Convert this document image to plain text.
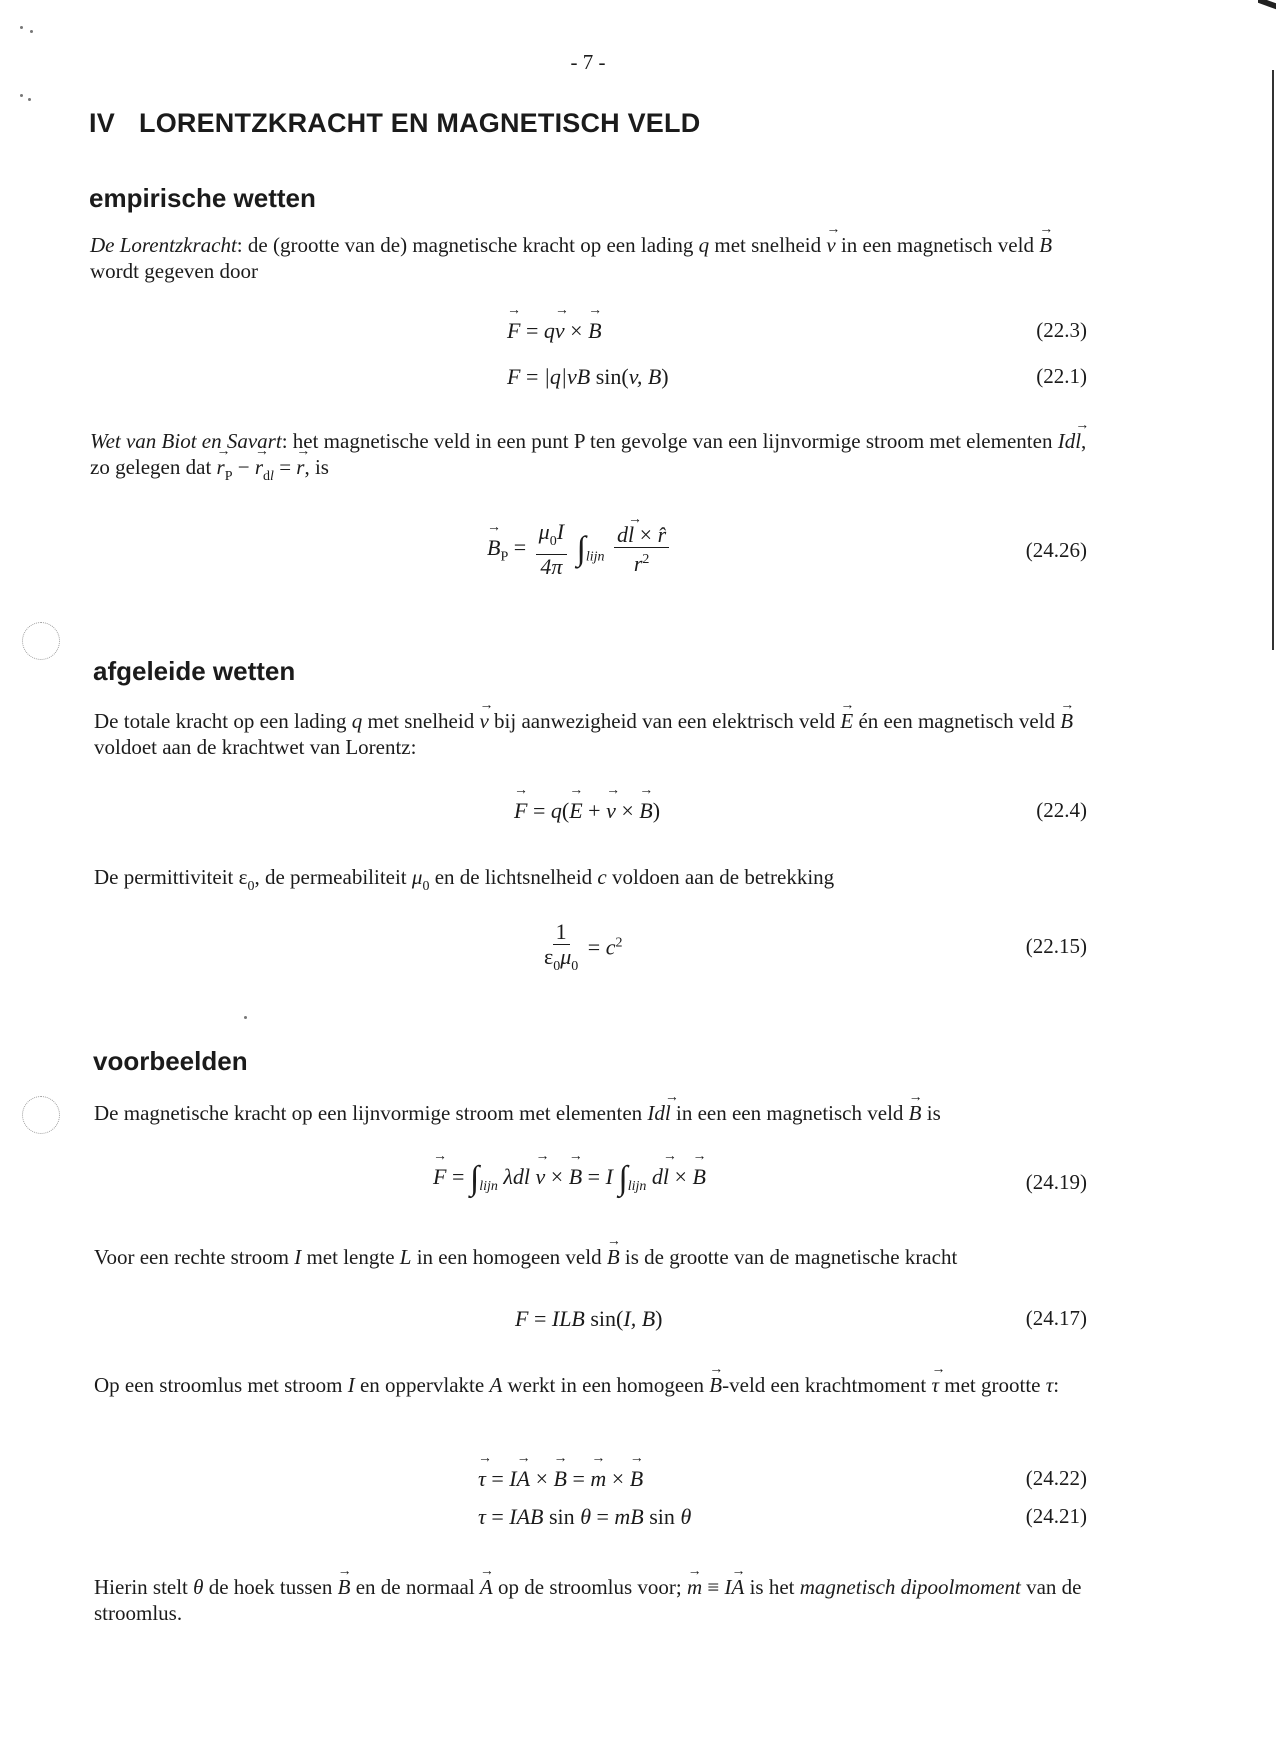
- 7 -
IV LORENTZKRACHT EN MAGNETISCH VELD
empirische wetten

De Lorentzkracht: de (grootte van de) magnetische kracht op een lading q met snelheid → v in een magnetisch veld → B wordt gegeven door

→ F = q→ v × → B	(22.3)
F = |q|vB sin(v, B)	(22.1)

Wet van Biot en Savart: het magnetische veld in een punt P ten gevolge van een lijnvormige stroom met elementen Id→ l, zo gelegen dat → $r_P$ − → $r_{dl}$ = → r, is

→ $B_P = \frac{\mu_0I}{4\pi} \int_{lijn} \frac{d\to l \times r̂}{r^2}$	(24.26)
afgeleide wetten

De totale kracht op een lading q met snelheid → v bij aanwezigheid van een elektrisch veld → E én een magnetisch veld → B voldoet aan de krachtwet van Lorentz:

→ F = q(→ E + → v × → B)	(22.4)

De permittiviteit $\varepsilon_0$, de permeabiliteit $\mu_0$ en de lichtsnelheid c voldoen aan de betrekking

$\frac{1}{\varepsilon_0\mu_0} = c^2$	(22.15)
voorbeelden

De magnetische kracht op een lijnvormige stroom met elementen Id→ l in een een magnetisch veld → B is

→ $F = \int_{lijn}$ λdl → v × → B = I $\int_{lijn}$ d→ l × → B	(24.19)

Voor een rechte stroom I met lengte L in een homogeen veld → B is de grootte van de magnetische kracht

F = ILB sin(I, B)	(24.17)

Op een stroomlus met stroom I en oppervlakte A werkt in een homogeen → B-veld een krachtmoment → τ met grootte τ:

→ τ = I→ A × → B = → m × → B	(24.22)
τ = IAB sin θ = mB sin θ	(24.21)

Hierin stelt θ de hoek tussen → B en de normaal → A op de stroomlus voor; → m ≡ I→ A is het magnetisch dipoolmoment van de stroomlus.
